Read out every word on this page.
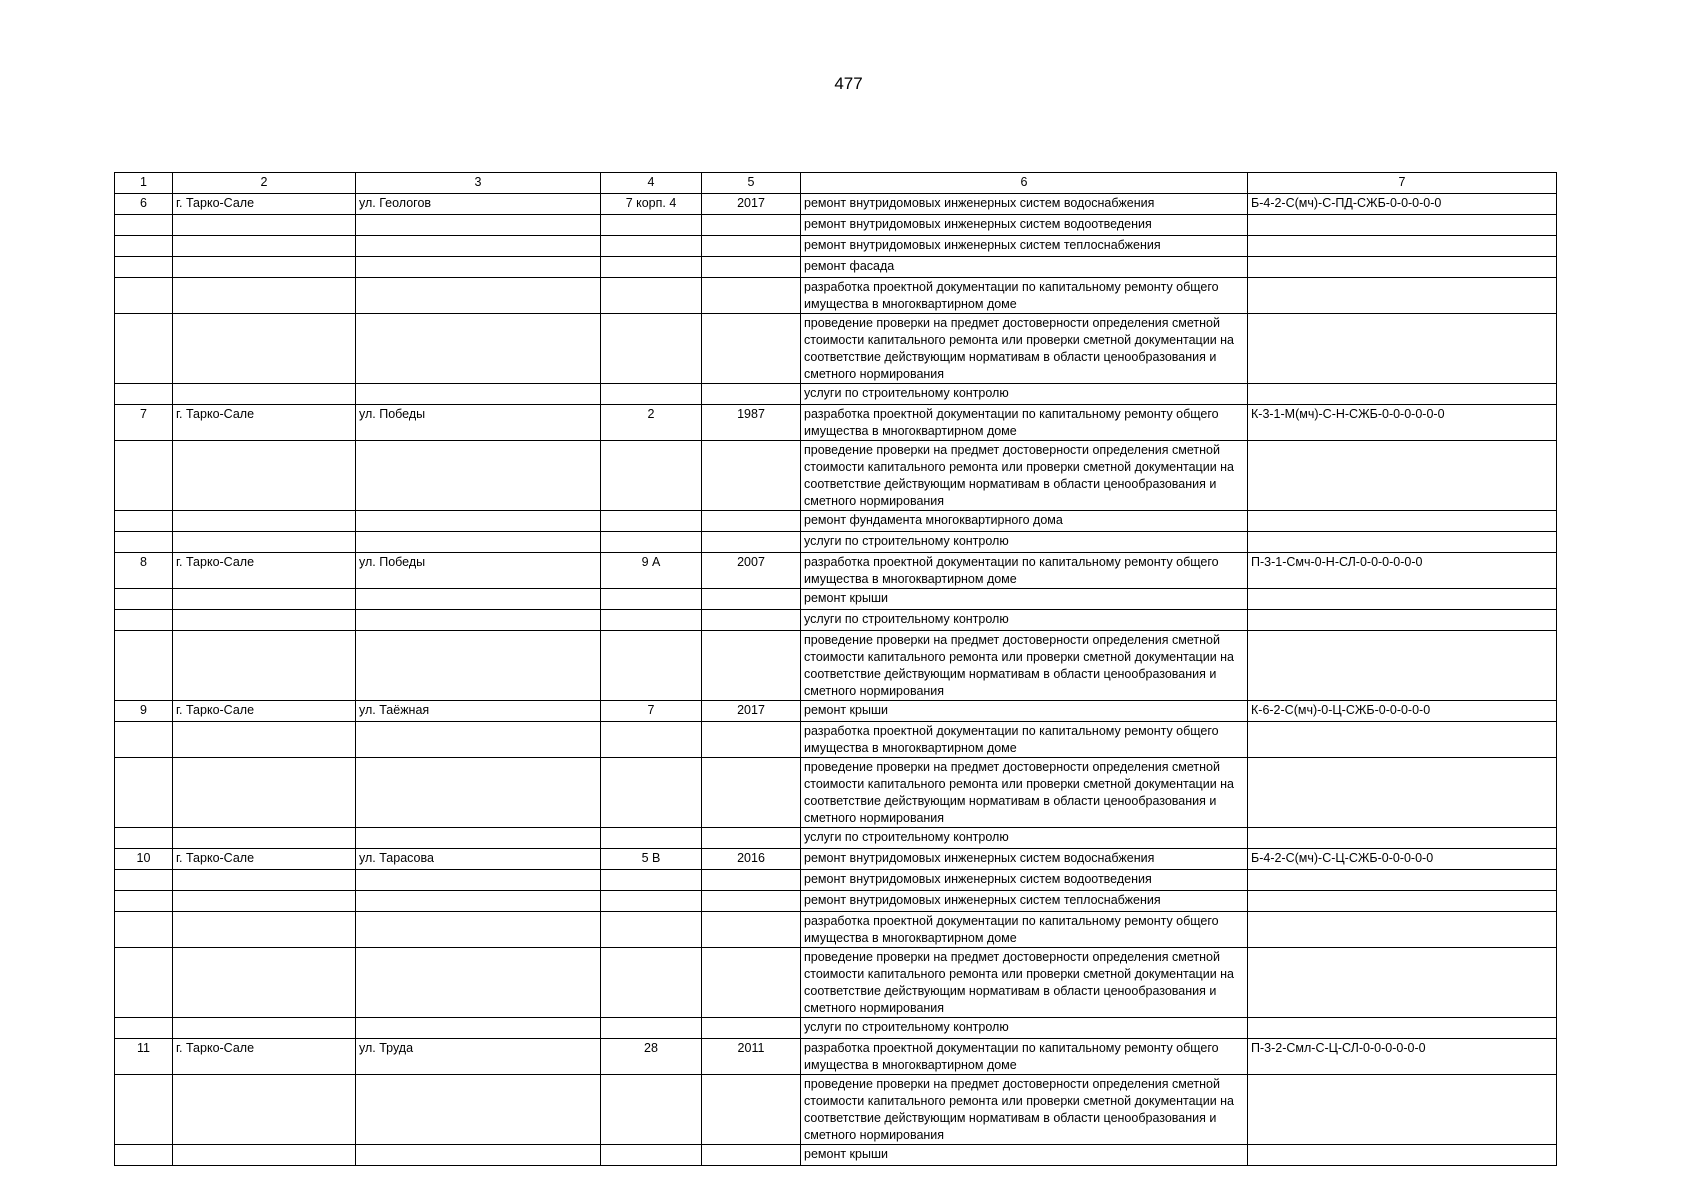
477
1	2	3	4	5	6	7
6	г. Тарко-Сале	ул. Геологов	7 корп. 4	2017	ремонт внутридомовых инженерных систем водоснабжения	Б-4-2-С(мч)-С-ПД-СЖБ-0-0-0-0-0
					ремонт внутридомовых инженерных систем водоотведения	
					ремонт внутридомовых инженерных систем теплоснабжения	
					ремонт фасада	
					разработка проектной документации по капитальному ремонту общего имущества в многоквартирном доме	
					проведение проверки на предмет достоверности определения сметной стоимости капитального ремонта или проверки сметной документации на соответствие действующим нормативам в области ценообразования и сметного нормирования	
					услуги по строительному контролю	
7	г. Тарко-Сале	ул. Победы	2	1987	разработка проектной документации по капитальному ремонту общего имущества в многоквартирном доме	К-3-1-М(мч)-С-Н-СЖБ-0-0-0-0-0-0
					проведение проверки на предмет достоверности определения сметной стоимости капитального ремонта или проверки сметной документации на соответствие действующим нормативам в области ценообразования и сметного нормирования	
					ремонт фундамента многоквартирного дома	
					услуги по строительному контролю	
8	г. Тарко-Сале	ул. Победы	9 А	2007	разработка проектной документации по капитальному ремонту общего имущества в многоквартирном доме	П-3-1-Смч-0-Н-СЛ-0-0-0-0-0-0
					ремонт крыши	
					услуги по строительному контролю	
					проведение проверки на предмет достоверности определения сметной стоимости капитального ремонта или проверки сметной документации на соответствие действующим нормативам в области ценообразования и сметного нормирования	
9	г. Тарко-Сале	ул. Таёжная	7	2017	ремонт крыши	К-6-2-С(мч)-0-Ц-СЖБ-0-0-0-0-0
					разработка проектной документации по капитальному ремонту общего имущества в многоквартирном доме	
					проведение проверки на предмет достоверности определения сметной стоимости капитального ремонта или проверки сметной документации на соответствие действующим нормативам в области ценообразования и сметного нормирования	
					услуги по строительному контролю	
10	г. Тарко-Сале	ул. Тарасова	5 В	2016	ремонт внутридомовых инженерных систем водоснабжения	Б-4-2-С(мч)-С-Ц-СЖБ-0-0-0-0-0
					ремонт внутридомовых инженерных систем водоотведения	
					ремонт внутридомовых инженерных систем теплоснабжения	
					разработка проектной документации по капитальному ремонту общего имущества в многоквартирном доме	
					проведение проверки на предмет достоверности определения сметной стоимости капитального ремонта или проверки сметной документации на соответствие действующим нормативам в области ценообразования и сметного нормирования	
					услуги по строительному контролю	
11	г. Тарко-Сале	ул. Труда	28	2011	разработка проектной документации по капитальному ремонту общего имущества в многоквартирном доме	П-3-2-Смл-С-Ц-СЛ-0-0-0-0-0-0
					проведение проверки на предмет достоверности определения сметной стоимости капитального ремонта или проверки сметной документации на соответствие действующим нормативам в области ценообразования и сметного нормирования	
					ремонт крыши	
